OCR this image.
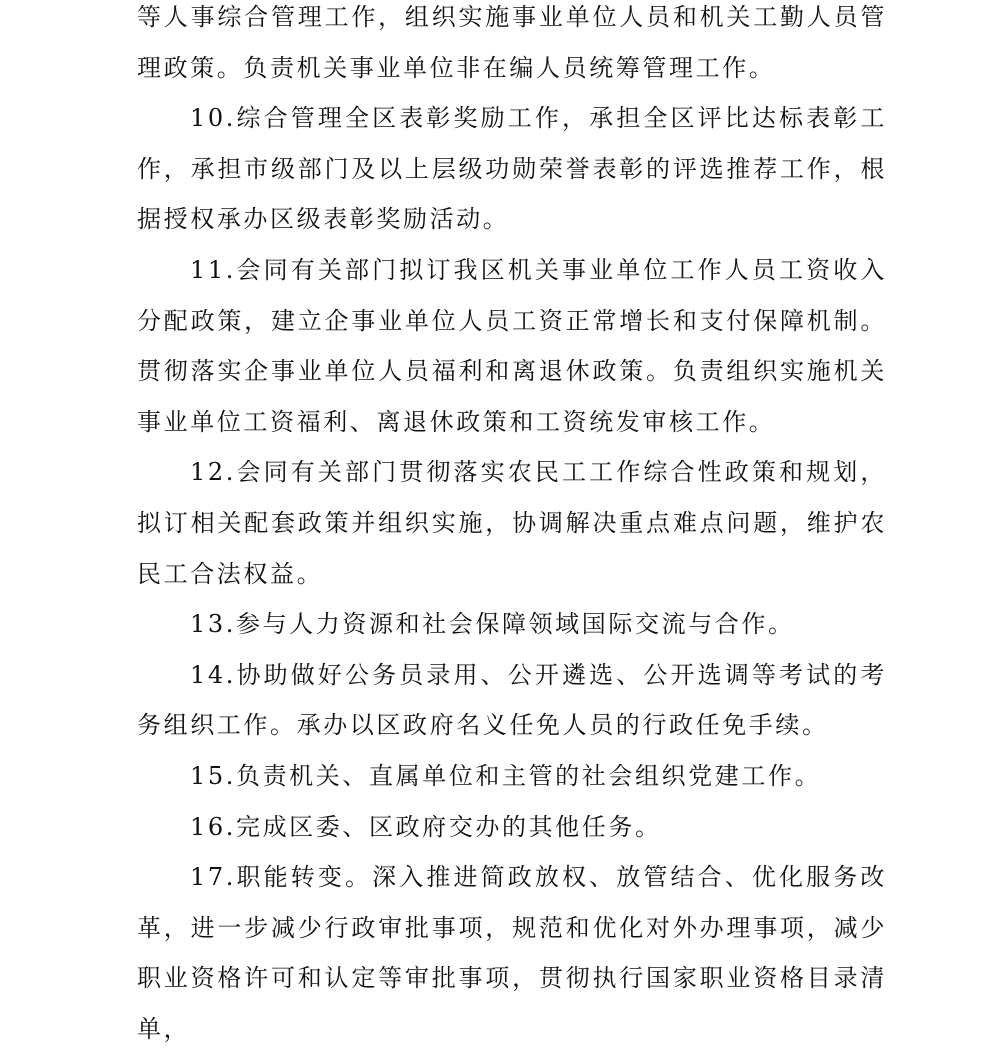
等人事综合管理工作，组织实施事业单位人员和机关工勤人员管理政策。负责机关事业单位非在编人员统筹管理工作。

10.综合管理全区表彰奖励工作，承担全区评比达标表彰工作，承担市级部门及以上层级功勋荣誉表彰的评选推荐工作，根据授权承办区级表彰奖励活动。

11.会同有关部门拟订我区机关事业单位工作人员工资收入分配政策，建立企事业单位人员工资正常增长和支付保障机制。贯彻落实企事业单位人员福利和离退休政策。负责组织实施机关事业单位工资福利、离退休政策和工资统发审核工作。

12.会同有关部门贯彻落实农民工工作综合性政策和规划，拟订相关配套政策并组织实施，协调解决重点难点问题，维护农民工合法权益。

13.参与人力资源和社会保障领域国际交流与合作。

14.协助做好公务员录用、公开遴选、公开选调等考试的考务组织工作。承办以区政府名义任免人员的行政任免手续。

15.负责机关、直属单位和主管的社会组织党建工作。

16.完成区委、区政府交办的其他任务。

17.职能转变。深入推进简政放权、放管结合、优化服务改革，进一步减少行政审批事项，规范和优化对外办理事项，减少职业资格许可和认定等审批事项，贯彻执行国家职业资格目录清单，
